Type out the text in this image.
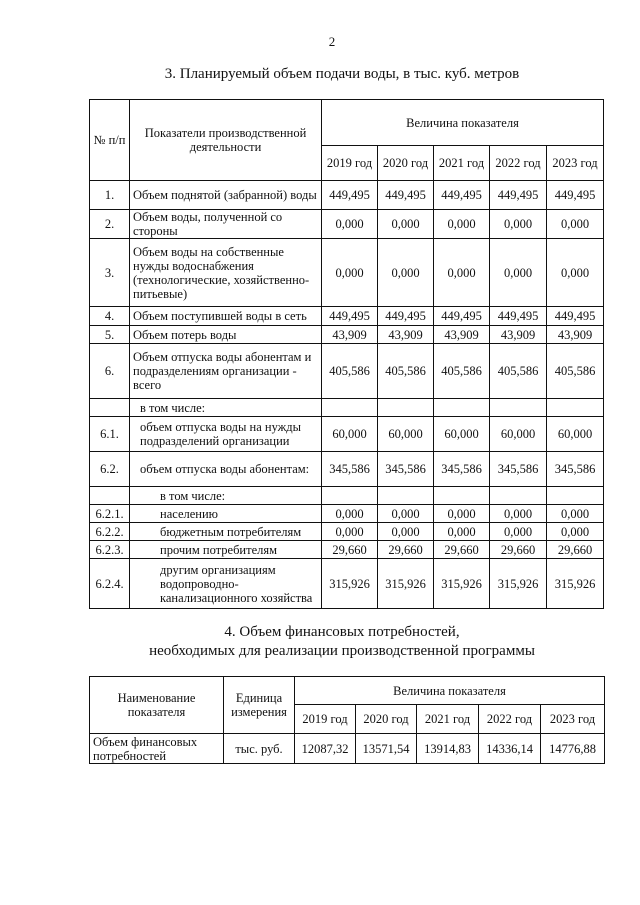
2
3. Планируемый объем подачи воды, в тыс. куб. метров
№ п/п	Показатели производственной деятельности	Величина показателя				
		2019 год	2020 год	2021 год	2022 год	2023 год
1.	Объем поднятой (забранной) воды	449,495	449,495	449,495	449,495	449,495
2.	Объем воды, полученной со стороны	0,000	0,000	0,000	0,000	0,000
3.	Объем воды на собственные нужды водоснабжения (технологические, хозяйственно-питьевые)	0,000	0,000	0,000	0,000	0,000
4.	Объем поступившей воды в сеть	449,495	449,495	449,495	449,495	449,495
5.	Объем потерь воды	43,909	43,909	43,909	43,909	43,909
6.	Объем отпуска воды абонентам и подразделениям организации - всего	405,586	405,586	405,586	405,586	405,586
	в том числе:					
6.1.	объем отпуска воды на нужды подразделений организации	60,000	60,000	60,000	60,000	60,000
6.2.	объем отпуска воды абонентам:	345,586	345,586	345,586	345,586	345,586
	в том числе:					
6.2.1.	населению	0,000	0,000	0,000	0,000	0,000
6.2.2.	бюджетным потребителям	0,000	0,000	0,000	0,000	0,000
6.2.3.	прочим потребителям	29,660	29,660	29,660	29,660	29,660
6.2.4.	другим организациям водопроводно-канализационного хозяйства	315,926	315,926	315,926	315,926	315,926
4. Объем финансовых потребностей,
необходимых для реализации производственной программы
Наименование показателя	Единица измерения	Величина показателя				
		2019 год	2020 год	2021 год	2022 год	2023 год
Объем финансовых потребностей	тыс. руб.	12087,32	13571,54	13914,83	14336,14	14776,88
